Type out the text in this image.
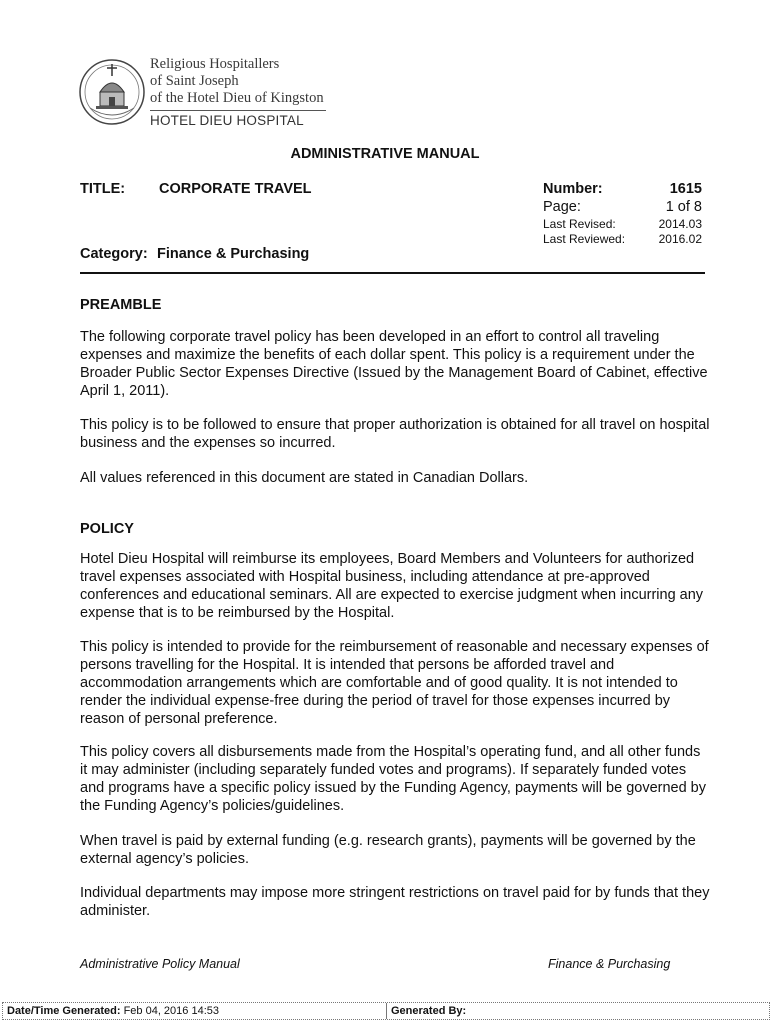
Religious Hospitallers
of Saint Joseph
of the Hotel Dieu of Kingston
HOTEL DIEU HOSPITAL
ADMINISTRATIVE MANUAL
TITLE: CORPORATE TRAVEL	Number:	1615
Page:	1 of 8
Last Revised:	2014.03
Last Reviewed:	2016.02
Category: Finance & Purchasing
PREAMBLE

The following corporate travel policy has been developed in an effort to control all traveling expenses and maximize the benefits of each dollar spent. This policy is a requirement under the Broader Public Sector Expenses Directive (Issued by the Management Board of Cabinet, effective April 1, 2011).

This policy is to be followed to ensure that proper authorization is obtained for all travel on hospital business and the expenses so incurred.

All values referenced in this document are stated in Canadian Dollars.

POLICY

Hotel Dieu Hospital will reimburse its employees, Board Members and Volunteers for authorized travel expenses associated with Hospital business, including attendance at pre-approved conferences and educational seminars. All are expected to exercise judgment when incurring any expense that is to be reimbursed by the Hospital.

This policy is intended to provide for the reimbursement of reasonable and necessary expenses of persons travelling for the Hospital. It is intended that persons be afforded travel and accommodation arrangements which are comfortable and of good quality. It is not intended to render the individual expense-free during the period of travel for those expenses incurred by reason of personal preference.

This policy covers all disbursements made from the Hospital’s operating fund, and all other funds it may administer (including separately funded votes and programs). If separately funded votes and programs have a specific policy issued by the Funding Agency, payments will be governed by the Funding Agency’s policies/guidelines.

When travel is paid by external funding (e.g. research grants), payments will be governed by the external agency’s policies.

Individual departments may impose more stringent restrictions on travel paid for by funds that they administer.

Administrative Policy Manual	Finance & Purchasing
Date/Time Generated: Feb 04, 2016 14:53	Generated By:
